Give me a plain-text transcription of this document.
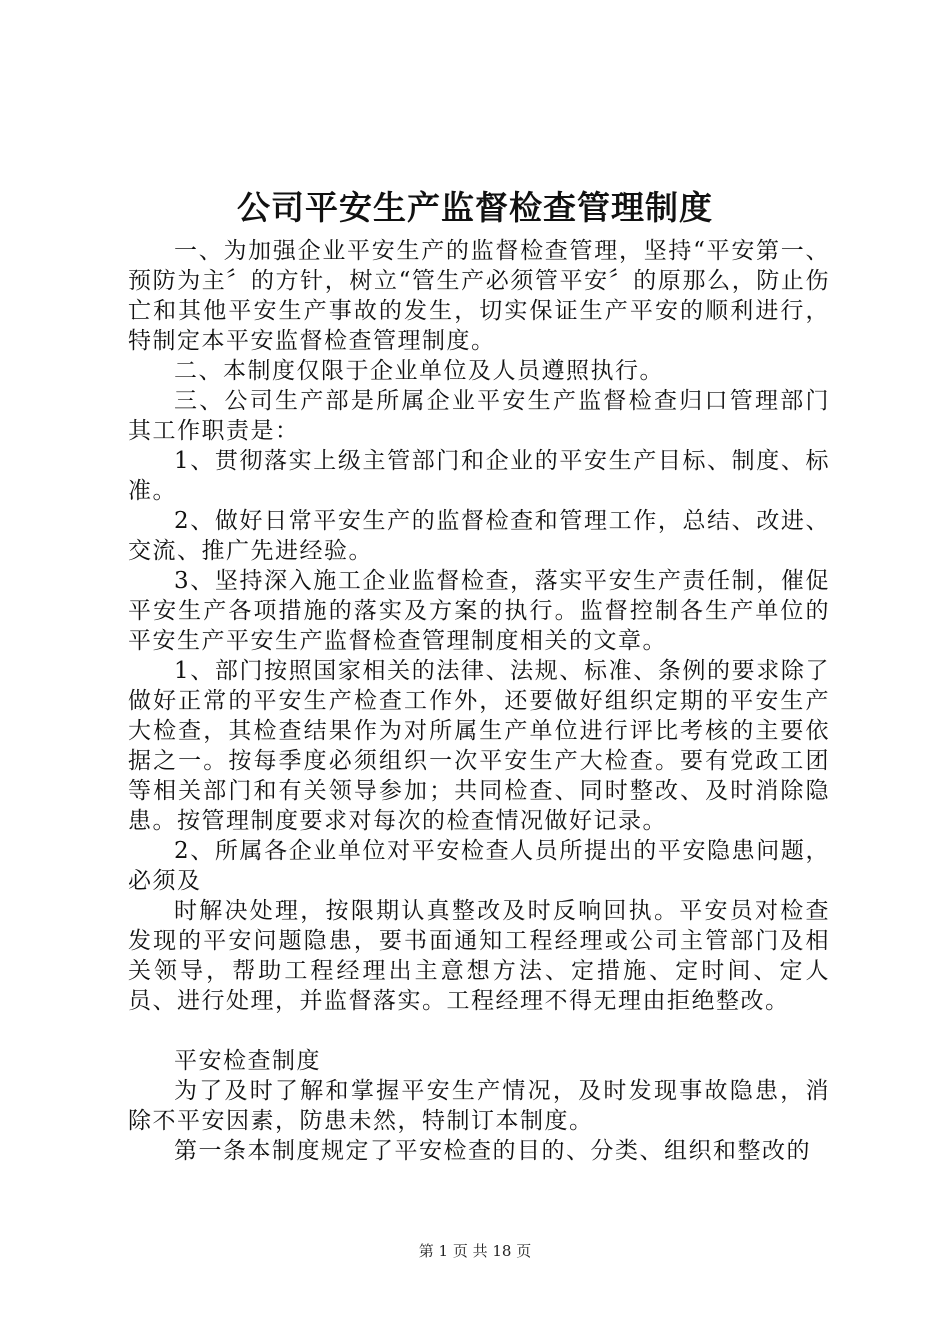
公司平安生产监督检查管理制度

一、为加强企业平安生产的监督检查管理，坚持“平安第一、预防为主〞的方针，树立“管生产必须管平安〞的原那么，防止伤亡和其他平安生产事故的发生，切实保证生产平安的顺利进行，特制定本平安监督检查管理制度。

二、本制度仅限于企业单位及人员遵照执行。

三、公司生产部是所属企业平安生产监督检查归口管理部门其工作职责是：

1、贯彻落实上级主管部门和企业的平安生产目标、制度、标准。

2、做好日常平安生产的监督检查和管理工作，总结、改进、交流、推广先进经验。

3、坚持深入施工企业监督检查，落实平安生产责任制，催促平安生产各项措施的落实及方案的执行。监督控制各生产单位的平安生产平安生产监督检查管理制度相关的文章。

1、部门按照国家相关的法律、法规、标准、条例的要求除了做好正常的平安生产检查工作外，还要做好组织定期的平安生产大检查，其检查结果作为对所属生产单位进行评比考核的主要依据之一。按每季度必须组织一次平安生产大检查。要有党政工团等相关部门和有关领导参加；共同检查、同时整改、及时消除隐患。按管理制度要求对每次的检查情况做好记录。

2、所属各企业单位对平安检查人员所提出的平安隐患问题，必须及

时解决处理，按限期认真整改及时反响回执。平安员对检查发现的平安问题隐患，要书面通知工程经理或公司主管部门及相关领导，帮助工程经理出主意想方法、定措施、定时间、定人员、进行处理，并监督落实。工程经理不得无理由拒绝整改。

平安检查制度

为了及时了解和掌握平安生产情况，及时发现事故隐患，消除不平安因素，防患未然，特制订本制度。

第一条本制度规定了平安检查的目的、分类、组织和整改的

第 1 页 共 18 页
